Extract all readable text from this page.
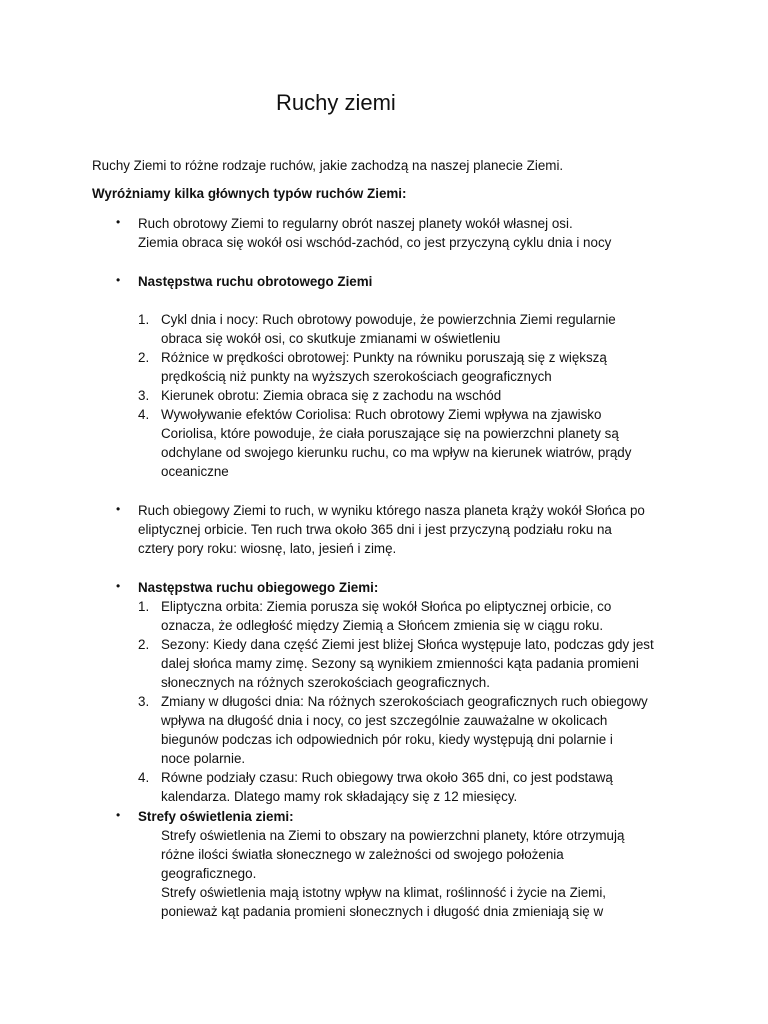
Ruchy ziemi
Ruchy Ziemi to różne rodzaje ruchów, jakie zachodzą na naszej planecie Ziemi.
Wyróżniamy kilka głównych typów ruchów Ziemi:
• Ruch obrotowy Ziemi to regularny obrót naszej planety wokół własnej osi.
Ziemia obraca się wokół osi wschód-zachód, co jest przyczyną cyklu dnia i nocy
• Następstwa ruchu obrotowego Ziemi
1. Cykl dnia i nocy: Ruch obrotowy powoduje, że powierzchnia Ziemi regularnie
obraca się wokół osi, co skutkuje zmianami w oświetleniu
2. Różnice w prędkości obrotowej: Punkty na równiku poruszają się z większą
prędkością niż punkty na wyższych szerokościach geograficznych
3. Kierunek obrotu: Ziemia obraca się z zachodu na wschód
4. Wywoływanie efektów Coriolisa: Ruch obrotowy Ziemi wpływa na zjawisko
Coriolisa, które powoduje, że ciała poruszające się na powierzchni planety są
odchylane od swojego kierunku ruchu, co ma wpływ na kierunek wiatrów, prądy
oceaniczne
• Ruch obiegowy Ziemi to ruch, w wyniku którego nasza planeta krąży wokół Słońca po
eliptycznej orbicie. Ten ruch trwa około 365 dni i jest przyczyną podziału roku na
cztery pory roku: wiosnę, lato, jesień i zimę.
• Następstwa ruchu obiegowego Ziemi:
1. Eliptyczna orbita: Ziemia porusza się wokół Słońca po eliptycznej orbicie, co
oznacza, że odległość między Ziemią a Słońcem zmienia się w ciągu roku.
2. Sezony: Kiedy dana część Ziemi jest bliżej Słońca występuje lato, podczas gdy jest
dalej słońca mamy zimę. Sezony są wynikiem zmienności kąta padania promieni
słonecznych na różnych szerokościach geograficznych.
3. Zmiany w długości dnia: Na różnych szerokościach geograficznych ruch obiegowy
wpływa na długość dnia i nocy, co jest szczególnie zauważalne w okolicach
biegunów podczas ich odpowiednich pór roku, kiedy występują dni polarnie i
noce polarnie.
4. Równe podziały czasu: Ruch obiegowy trwa około 365 dni, co jest podstawą
kalendarza. Dlatego mamy rok składający się z 12 miesięcy.
• Strefy oświetlenia ziemi:
Strefy oświetlenia na Ziemi to obszary na powierzchni planety, które otrzymują
różne ilości światła słonecznego w zależności od swojego położenia
geograficznego.
Strefy oświetlenia mają istotny wpływ na klimat, roślinność i życie na Ziemi,
ponieważ kąt padania promieni słonecznych i długość dnia zmieniają się w
